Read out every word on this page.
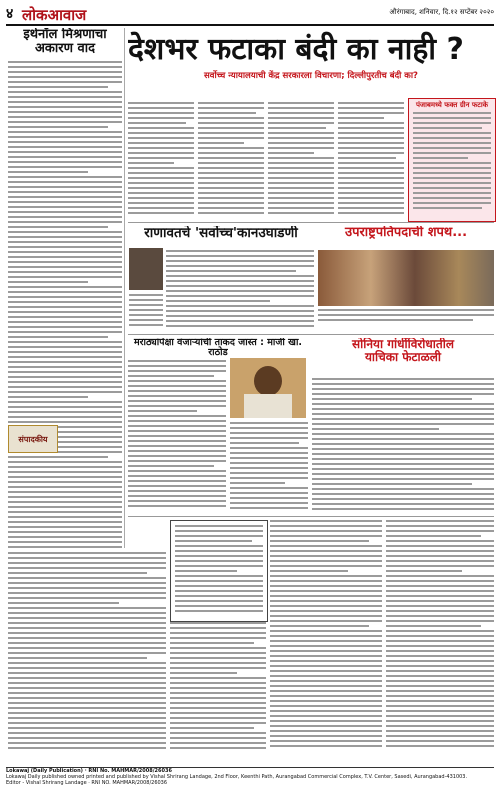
४ लोकआवाज	औरंगाबाद, शनिवार, दि.१२ सप्टेंबर २०२०
इथेनॉल मिश्रणाचा
अकारण वाद
संपादकीय
देशभर फटाका बंदी का नाही ?
सर्वोच्च न्यायालयाची केंद्र सरकारला विचारणा; दिल्लीपुरतीच बंदी का?
पंजाबमध्ये फक्त ग्रीन फटाके
राणावतचे 'सर्वोच्च'कानउघाडणी	उपराष्ट्रपतिपदाची शपथ...
मराठ्यांपेक्षा वंजाऱ्यांची ताकद जास्त : माजी खा. राठोड
सोनिया गांधींविरोधातील
याचिका फेटाळली
Lokawaj (Daily Publication) · RNI No. MAHMAR/2008/26036
Lokawaj Daily published owned printed and published by Vishal Shrirang Landage, 2nd Floor, Keenthi Path, Aurangabad Commercial Complex, T.V. Center, Sasedi, Aurangabad-431003.
Editor - Vishal Shrirang Landage · RNI NO. MAHMAR/2008/26036
